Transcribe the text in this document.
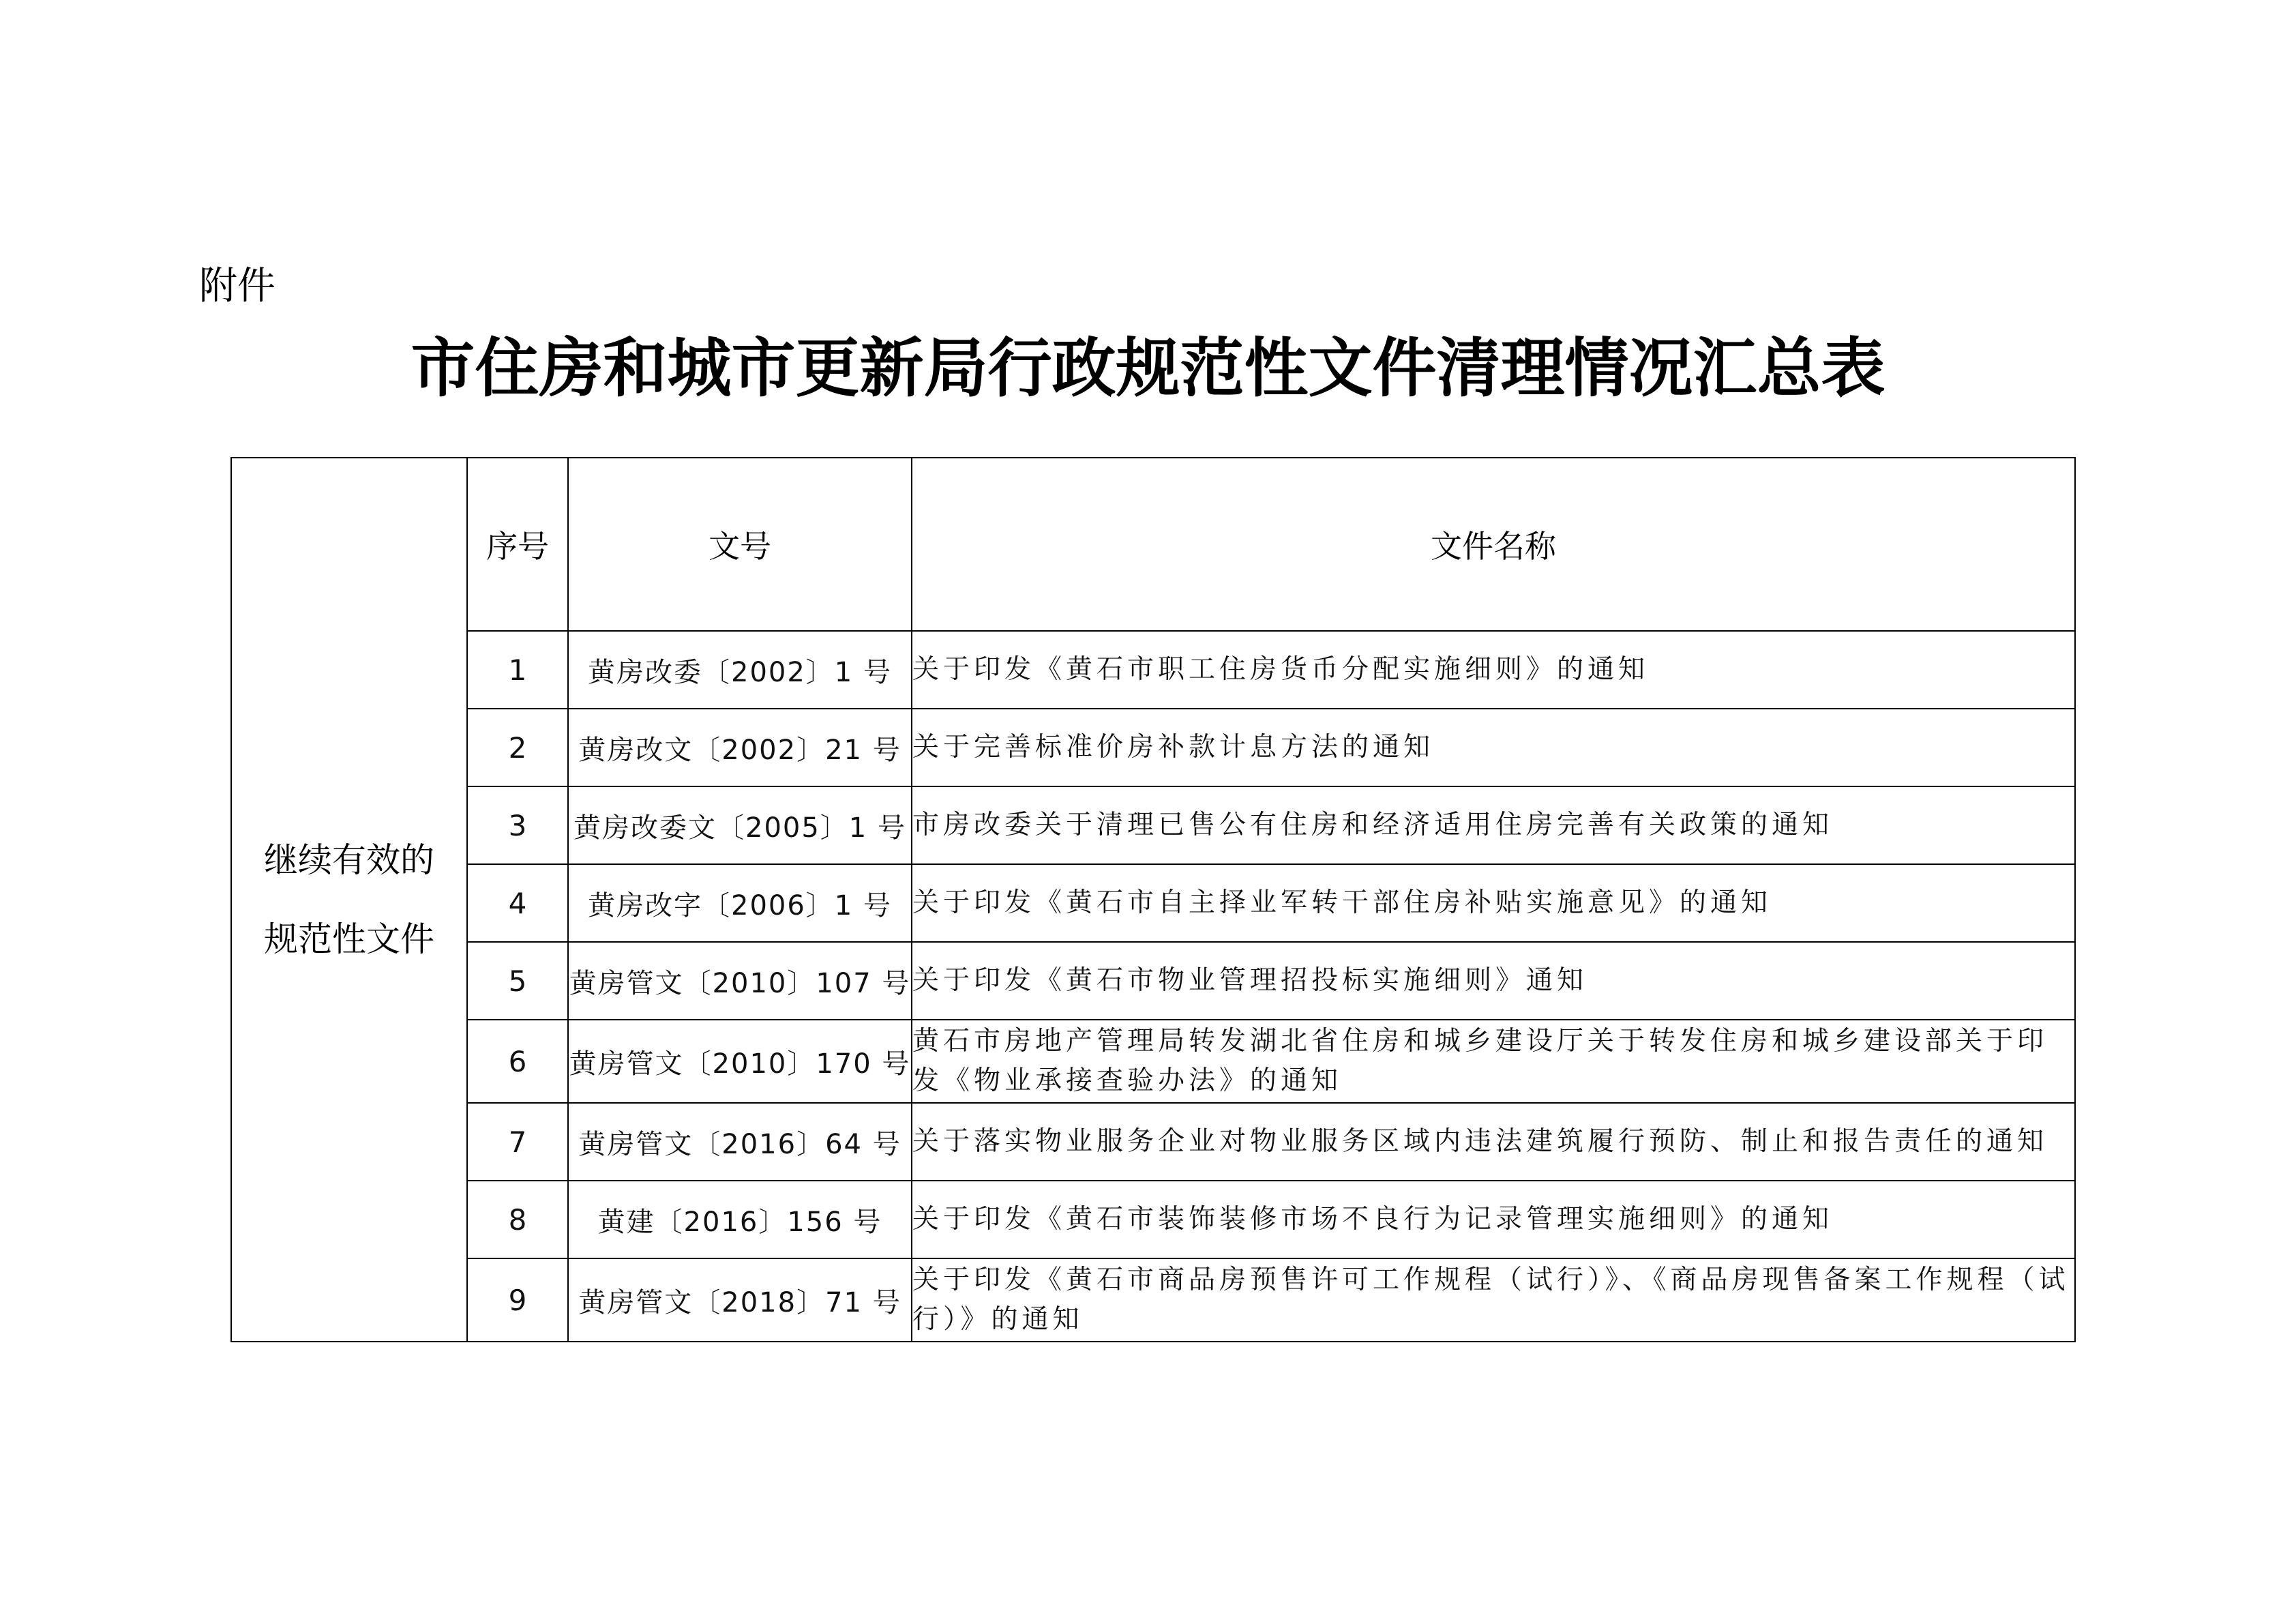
附件
市住房和城市更新局行政规范性文件清理情况汇总表
继续有效的
规范性文件	序号	文号	文件名称
	1	黄房改委〔2002〕1 号	关于印发《黄石市职工住房货币分配实施细则》的通知
	2	黄房改文〔2002〕21 号	关于完善标准价房补款计息方法的通知
	3	黄房改委文〔2005〕1 号	市房改委关于清理已售公有住房和经济适用住房完善有关政策的通知
	4	黄房改字〔2006〕1 号	关于印发《黄石市自主择业军转干部住房补贴实施意见》的通知
	5	黄房管文〔2010〕107 号	关于印发《黄石市物业管理招投标实施细则》通知
	6	黄房管文〔2010〕170 号	黄石市房地产管理局转发湖北省住房和城乡建设厅关于转发住房和城乡建设部关于印发《物业承接查验办法》的通知
	7	黄房管文〔2016〕64 号	关于落实物业服务企业对物业服务区域内违法建筑履行预防、制止和报告责任的通知
	8	黄建〔2016〕156 号	关于印发《黄石市装饰装修市场不良行为记录管理实施细则》的通知
	9	黄房管文〔2018〕71 号	关于印发《黄石市商品房预售许可工作规程（试行）》、《商品房现售备案工作规程（试行）》的通知
